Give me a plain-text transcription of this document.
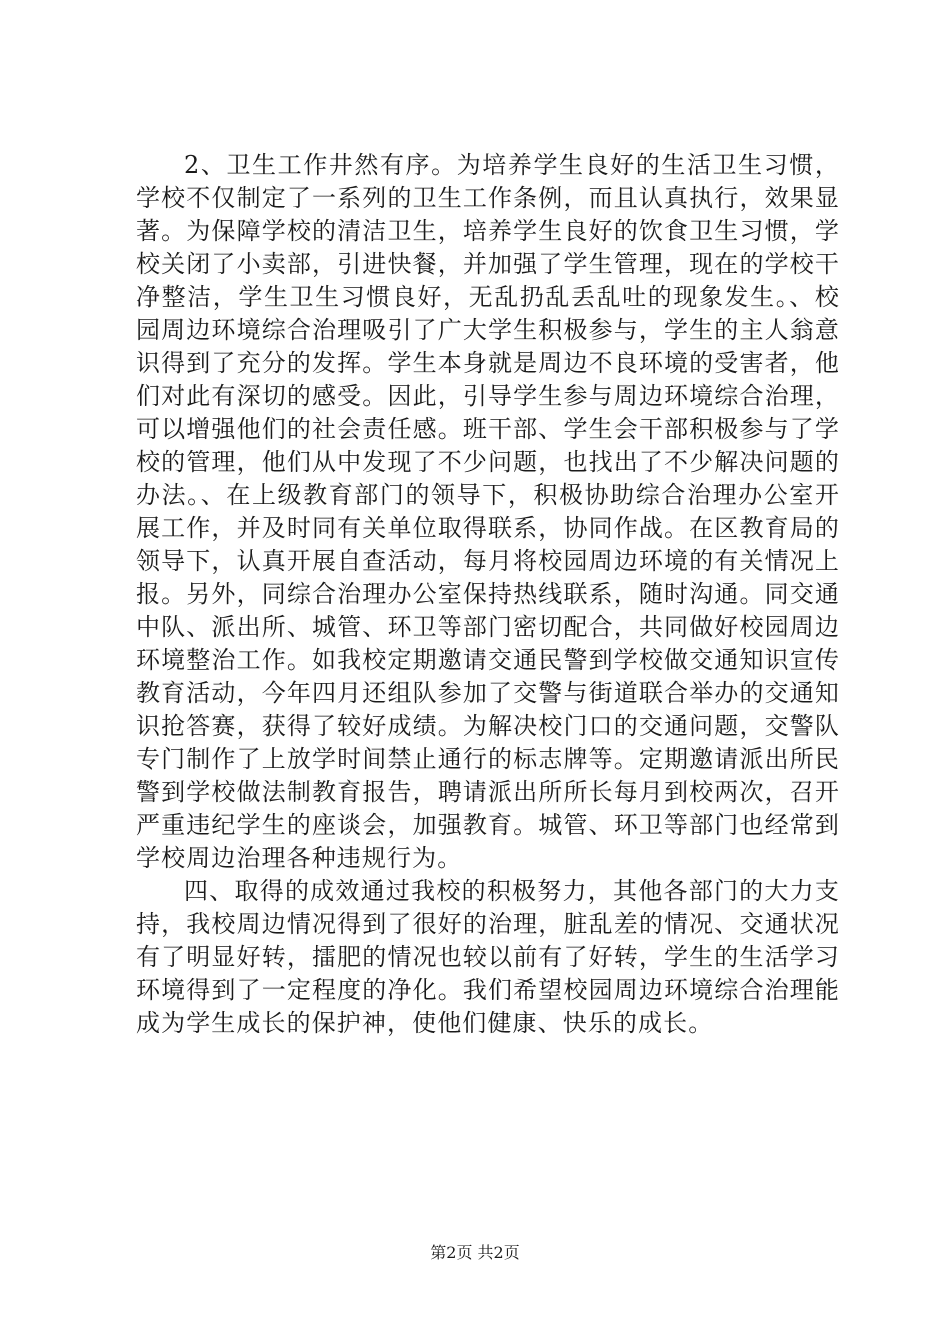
2、卫生工作井然有序。为培养学生良好的生活卫生习惯，学校不仅制定了一系列的卫生工作条例，而且认真执行，效果显著。为保障学校的清洁卫生，培养学生良好的饮食卫生习惯，学校关闭了小卖部，引进快餐，并加强了学生管理，现在的学校干净整洁，学生卫生习惯良好，无乱扔乱丢乱吐的现象发生。、校园周边环境综合治理吸引了广大学生积极参与，学生的主人翁意识得到了充分的发挥。学生本身就是周边不良环境的受害者，他们对此有深切的感受。因此，引导学生参与周边环境综合治理，可以增强他们的社会责任感。班干部、学生会干部积极参与了学校的管理，他们从中发现了不少问题，也找出了不少解决问题的办法。、在上级教育部门的领导下，积极协助综合治理办公室开展工作，并及时同有关单位取得联系，协同作战。在区教育局的领导下，认真开展自查活动，每月将校园周边环境的有关情况上报。另外，同综合治理办公室保持热线联系，随时沟通。同交通中队、派出所、城管、环卫等部门密切配合，共同做好校园周边环境整治工作。如我校定期邀请交通民警到学校做交通知识宣传教育活动，今年四月还组队参加了交警与街道联合举办的交通知识抢答赛，获得了较好成绩。为解决校门口的交通问题，交警队专门制作了上放学时间禁止通行的标志牌等。定期邀请派出所民警到学校做法制教育报告，聘请派出所所长每月到校两次，召开严重违纪学生的座谈会，加强教育。城管、环卫等部门也经常到学校周边治理各种违规行为。

四、取得的成效通过我校的积极努力，其他各部门的大力支持，我校周边情况得到了很好的治理，脏乱差的情况、交通状况有了明显好转，擂肥的情况也较以前有了好转，学生的生活学习环境得到了一定程度的净化。我们希望校园周边环境综合治理能成为学生成长的保护神，使他们健康、快乐的成长。

第2页 共2页
